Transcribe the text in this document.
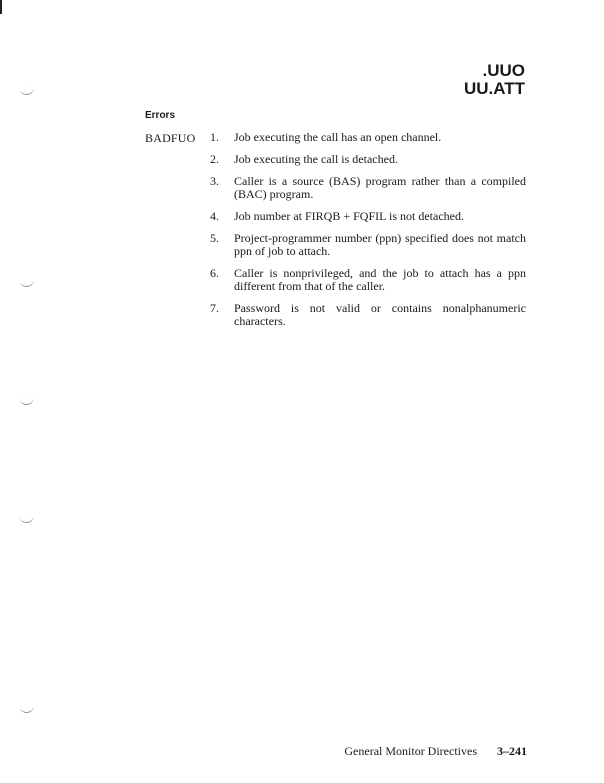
.UUO
UU.ATT
Errors
BADFUO 1.	Job executing the call has an open channel.
2.	Job executing the call is detached.
3.	Caller is a source (BAS) program rather than a compiled (BAC) program.
4.	Job number at FIRQB + FQFIL is not detached.
5.	Project-programmer number (ppn) specified does not match ppn of job to attach.
6.	Caller is nonprivileged, and the job to attach has a ppn different from that of the caller.
7.	Password is not valid or contains nonalphanumeric characters.
General Monitor Directives 3–241
